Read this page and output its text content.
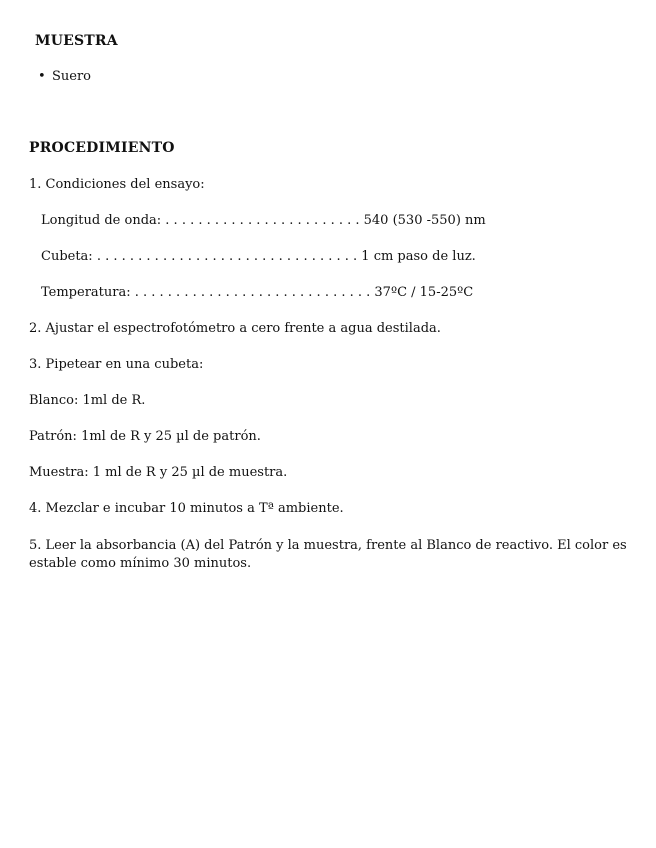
MUESTRA
• Suero
PROCEDIMIENTO
1. Condiciones del ensayo:
Longitud de onda: . . . . . . . . . . . . . . . . . . . . . . . . 540 (530 -550) nm
Cubeta: . . . . . . . . . . . . . . . . . . . . . . . . . . . . . . . . 1 cm paso de luz.
Temperatura: . . . . . . . . . . . . . . . . . . . . . . . . . . . . . 37ºC / 15-25ºC
2. Ajustar el espectrofotómetro a cero frente a agua destilada.
3. Pipetear en una cubeta:
Blanco: 1ml de R.
Patrón: 1ml de R y 25 µl de patrón.
Muestra: 1 ml de R y 25 µl de muestra.
4. Mezclar e incubar 10 minutos a Tª ambiente.
5. Leer la absorbancia (A) del Patrón y la muestra, frente al Blanco de reactivo. El color es estable como mínimo 30 minutos.
